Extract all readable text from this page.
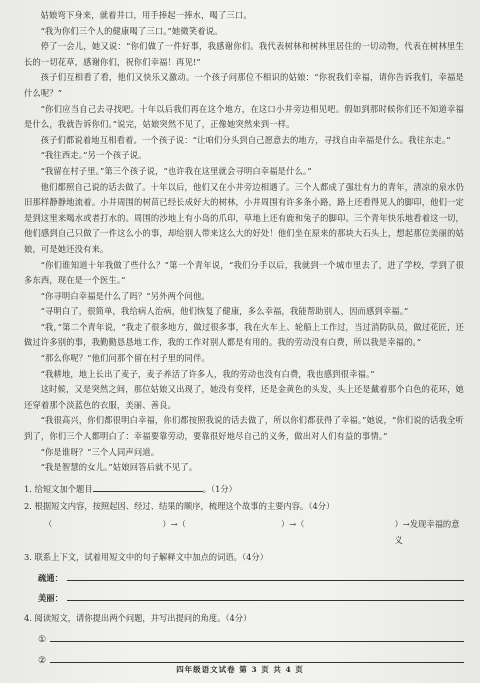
姑娘弯下身来，就着井口，用手捧起一捧水，喝了三口。

“我为你们三个人的健康喝了三口。”她微笑着说。

停了一会儿，她又说：“你们做了一件好事，我感谢你们。我代表树林和树林里居住的一切动物，代表在树林里生长的一切花草，感谢你们，祝你们幸福！再见!”

孩子们互相看了看，他们又快乐又激动。一个孩子问那位不相识的姑娘：“你祝我们幸福，请你告诉我们，幸福是什么呢？”

“你们应当自己去寻找吧。十年以后我们再在这个地方，在这口小井旁边相见吧。假如到那时候你们还不知道幸福是什么，我就告诉你们。”说完，姑娘突然不见了，正像她突然来到一样。

孩子们都说着地互相看着。一个孩子说：“让咱们分头到自己愿意去的地方，寻找自由幸福是什么。我往东走。”

“我往西走。”另一个孩子说。

“我留在村子里。”第三个孩子说，“也许我在这里就会寻明白幸福是什么。”

他们都照自己说的话去做了。十年以后，他们又在小井旁边相遇了。三个人都成了强壮有力的青年，清凉的泉水仍旧那样静静地流着。小井周围的树苗已经长成好大的树林，小井周围有许多条小路，路上还看得见人的脚印，他们一定是到这里来喝水或者打水的。周围的沙地上有小岛的爪印，草地上还有鹿和兔子的脚印。三个青年快乐地看着这一切，他们感到自己只做了一件这么小的事，却给别人带来这么大的好处！他们坐在原来的那块大石头上，想起那位美丽的姑娘，可是她还没有来。

“你们谁知道十年我做了些什么？”第一个青年说，“我们分手以后，我就到一个城市里去了，进了学校，学到了很多东西，现在是一个医生。”

“你寻明白幸福是什么了吗？”另外两个问他。

“寻明白了，很简单，我给病人治病，他们恢复了健康，多么幸福，我能帮助别人，因而感到幸福。”

“我，”第二个青年说，“我走了很多地方，做过很多事，我在火车上、轮船上工作过，当过消防队员，做过花匠，还做过许多别的事，我勤勤恳恳地工作，我的工作对别人都是有用的。我的劳动没有白费，所以我是幸福的。”

“那么你呢？”他们问那个留在村子里的同伴。

“我耕地，地上长出了麦子，麦子养活了许多人，我的劳动也没有白费，我也感到很幸福。”

这时候，又是突然之间，那位姑娘又出现了，她没有变样，还是金黄色的头发，头上还是戴着那个白色的花环，她还穿着那个淡蓝色的衣服，美丽、善良。

“我很高兴，你们都很明白幸福，你们都按照我说的话去做了，所以你们都获得了幸福。”她说，“你们说的话我全听到了，你们三个人都明白了：幸福要靠劳动，要靠很好地尽自己的义务，做出对人们有益的事情。”

“你是谁呀？”三个人同声问道。

“我是智慧的女儿。”姑娘回答后就不见了。

1. 给短文加个题目	。（1分）

2. 根据短文内容，按照起因、经过、结果的顺序，梳理这个故事的主要内容。（4分）

（	） → （	） → （	）→发现幸福的意义

3. 联系上下文，试着用短文中的句子解释文中加点的词语。（4分）

疏通：
美丽：

4. 阅读短文，请你提出两个问题，并写出提问的角度。（4分）

①
②
四年级语文试卷 第 3 页 共 4 页
